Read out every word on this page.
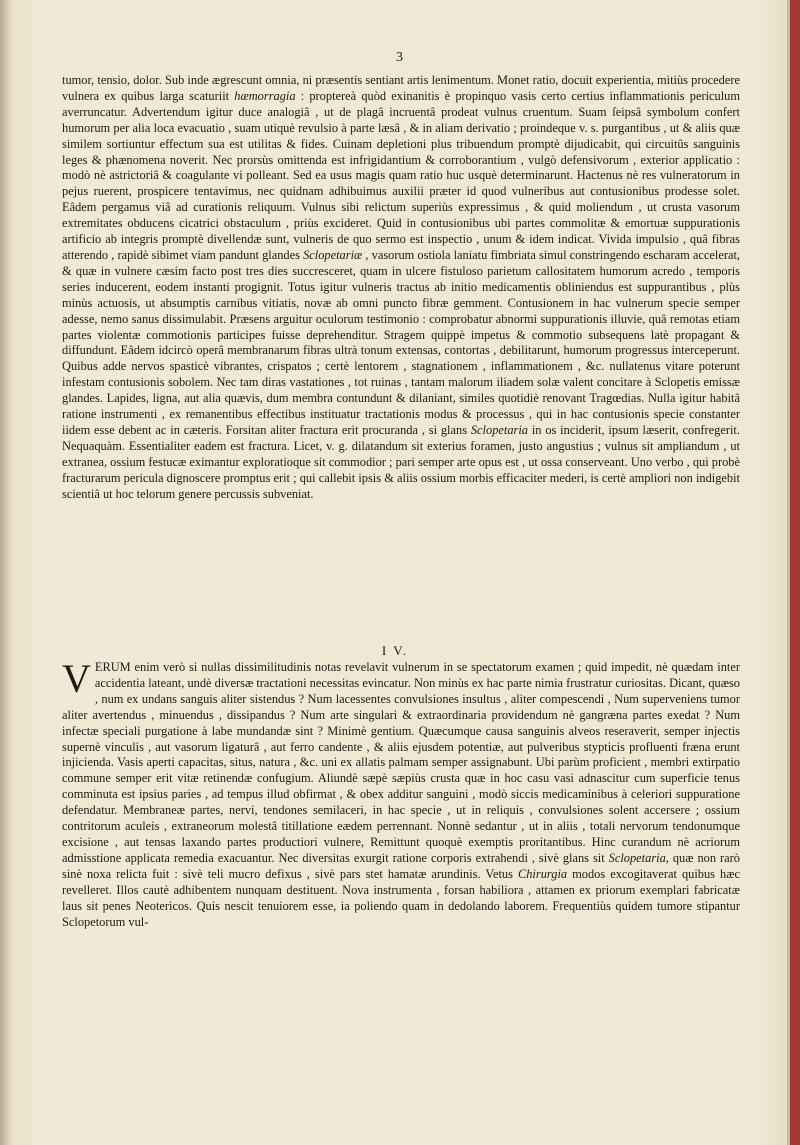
3

tumor, tensio, dolor. Sub inde ægrescunt omnia, ni præsentis sentiant artis lenimentum. Monet ratio, docuit experientia, mitiùs procedere vulnera ex quibus larga scaturiit hæmorragia : proptereà quòd exinanitis è propinquo vasis certo certius inflammationis periculum averruncatur. Advertendum igitur duce analogiâ , ut de plagâ incruentâ prodeat vulnus cruentum. Suam ſeipsâ symbolum confert humorum per alia loca evacuatio , suam utiquè revulsio à parte læsâ , & in aliam derivatio ; proindeque v. s. purgantibus , ut & aliis quæ similem sortiuntur effectum sua est utilitas & fides. Cuinam depletioni plus tribuendum promptè dijudicabit, qui circuitûs sanguinis leges & phænomena noverit. Nec prorsùs omittenda est infrigidantium & corroborantium , vulgò defensivorum , exterior applicatio : modò nè astrictoriâ & coagulante vi polleant. Sed ea usus magis quam ratio huc usquè determinarunt. Hactenus nè res vulneratorum in pejus ruerent, prospicere tentavimus, nec quidnam adhibuimus auxilii præter id quod vulneribus aut contusionibus prodesse solet. Eâdem pergamus viâ ad curationis reliquum. Vulnus sibi relictum superiùs expressimus , & quid moliendum , ut crusta vasorum extremitates obducens cicatrici obstaculum , priùs excideret. Quid in contusionibus ubi partes commolitæ & emortuæ suppurationis artificio ab integris promptè divellendæ sunt, vulneris de quo sermo est inspectio , unum & idem indicat. Vivida impulsio , quâ fibras atterendo , rapidè sibimet viam pandunt glandes Sclopetariæ , vasorum ostiola laniatu fimbriata simul constringendo escharam accelerat, & quæ in vulnere cæsim facto post tres dies succresceret, quam in ulcere fistuloso parietum callositatem humorum acredo , temporis series inducerent, eodem instanti progignit. Totus igitur vulneris tractus ab initio medicamentis obliniendus est suppurantibus , plùs minùs actuosis, ut absumptis carnibus vitiatis, novæ ab omni puncto fibræ gemment. Contusionem in hac vulnerum specie semper adesse, nemo sanus dissimulabit. Præsens arguitur oculorum testimonio : comprobatur abnormi suppurationis illuvie, quâ remotas etiam partes violentæ commotionis participes fuisse deprehenditur. Stragem quippè impetus & commotio subsequens latè propagant & diffundunt. Eâdem idcircò operâ membranarum fibras ultrà tonum extensas, contortas , debilitarunt, humorum progressus interceperunt. Quibus adde nervos spasticè vibrantes, crispatos ; certè lentorem , stagnationem , inflammationem , &c. nullatenus vitare poterunt infestam contusionis sobolem. Nec tam diras vastationes , tot ruinas , tantam malorum iliadem solæ valent concitare à Sclopetis emissæ glandes. Lapides, ligna, aut alia quævis, dum membra contundunt & dilaniant, similes quotidiè renovant Tragœdias. Nulla igitur habitâ ratione instrumenti , ex remanentibus effectibus instituatur tractationis modus & processus , qui in hac contusionis specie constanter iidem esse debent ac in cæteris. Forsitan aliter fractura erit procuranda , si glans Sclopetaria in os inciderit, ipsum læserit, confregerit. Nequaquàm. Essentialiter eadem est fractura. Licet, v. g. dilatandum sit exterius foramen, justo angustius ; vulnus sit ampliandum , ut extranea, ossium festucæ eximantur exploratioque sit commodior ; pari semper arte opus est , ut ossa conserveant. Uno verbo , qui probè fracturarum pericula dignoscere promptus erit ; qui callebit ipsis & aliis ossium morbis efficaciter mederi, is certè ampliori non indigebit scientiâ ut hoc telorum genere percussis subveniat.

I V.

VERUM enim verò si nullas dissimilitudinis notas revelavit vulnerum in se spectatorum examen ; quid impedit, nè quædam inter accidentia lateant, undè diversæ tractationi necessitas evincatur. Non minùs ex hac parte nimia frustratur curiositas. Dicant, quæso , num ex undans sanguis aliter sistendus ? Num lacessentes convulsiones insultus , aliter compescendi , Num superveniens tumor aliter avertendus , minuendus , dissipandus ? Num arte singulari & extraordinaria providendum nè gangræna partes exedat ? Num infectæ speciali purgatione à labe mundandæ sint ? Minimè gentium. Quæcumque causa sanguinis alveos reseraverit, semper injectis supernè vinculis , aut vasorum ligaturâ , aut ferro candente , & aliis ejusdem potentiæ, aut pulveribus stypticis profluenti fræna erunt injicienda. Vasis aperti capacitas, situs, natura , &c. uni ex allatis palmam semper assignabunt. Ubi parùm proficient , membri extirpatio commune semper erit vitæ retinendæ confugium. Aliundè sæpè sæpiùs crusta quæ in hoc casu vasi adnascitur cum superficie tenus comminuta est ipsius paries , ad tempus illud obfirmat , & obex additur sanguini , modò siccis medicaminibus à celeriori suppuratione defendatur. Membraneæ partes, nervi, tendones semilaceri, in hac specie , ut in reliquis , convulsiones solent accersere ; ossium contritorum aculeis , extraneorum molestâ titillatione eædem perrennant. Nonnè sedantur , ut in aliis , totali nervorum tendonumque excisione , aut tensas laxando partes productiori vulnere, Remittunt quoquè exemptis proritantibus. Hinc curandum nè acriorum admisstione applicata remedia exacuantur. Nec diversitas exurgit ratione corporis extrahendi , sivè glans sit Sclopetaria, quæ non rarò sinè noxa relicta fuit : sivè teli mucro defixus , sivè pars stet hamatæ arundinis. Vetus Chirurgia modos excogitaverat quibus hæc revelleret. Illos cautè adhibentem nunquam destituent. Nova instrumenta , forsan habiliora , attamen ex priorum exemplari fabricatæ laus sit penes Neotericos. Quis nescit tenuiorem esse, ia poliendo quam in dedolando laborem. Frequentiùs quidem tumore stipantur Sclopetorum vul-
